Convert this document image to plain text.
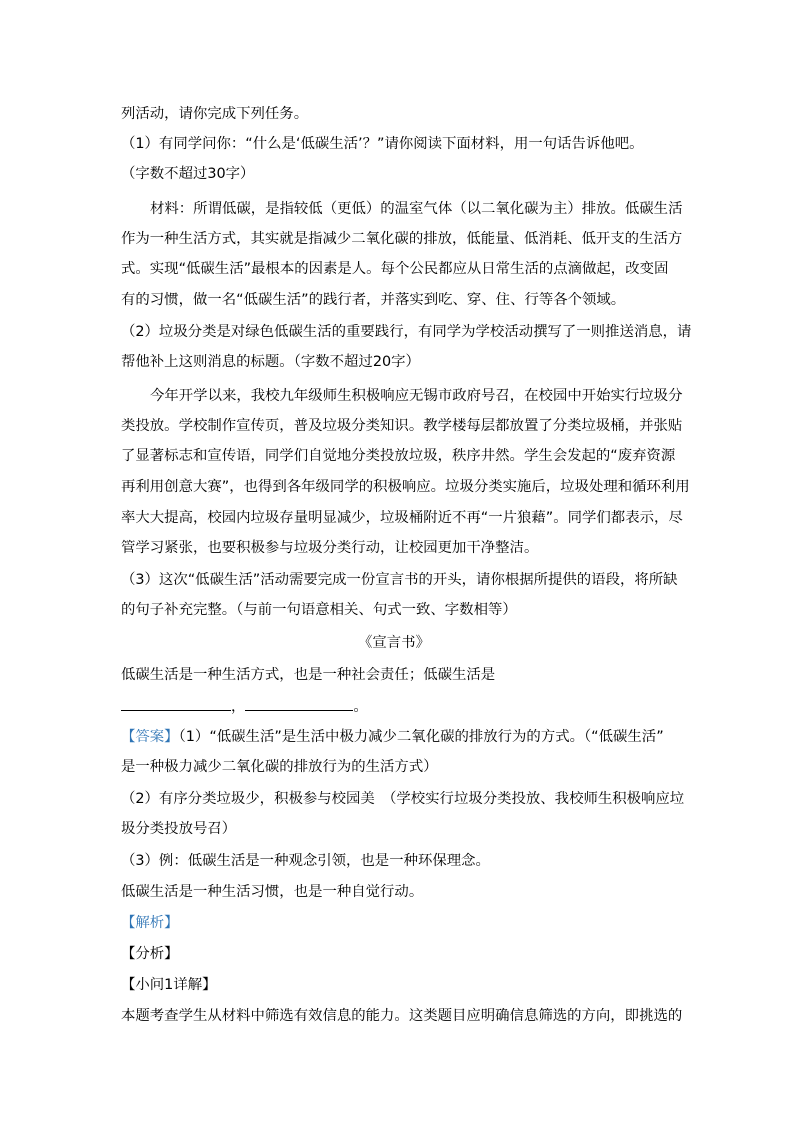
列活动，请你完成下列任务。
（1）有同学问你：“什么是‘低碳生活’？”请你阅读下面材料，用一句话告诉他吧。
（字数不超过30字）
材料：所谓低碳，是指较低（更低）的温室气体（以二氧化碳为主）排放。低碳生活
作为一种生活方式，其实就是指减少二氧化碳的排放，低能量、低消耗、低开支的生活方
式。实现“低碳生活”最根本的因素是人。每个公民都应从日常生活的点滴做起，改变固
有的习惯，做一名“低碳生活”的践行者，并落实到吃、穿、住、行等各个领域。
（2）垃圾分类是对绿色低碳生活的重要践行，有同学为学校活动撰写了一则推送消息，请
帮他补上这则消息的标题。（字数不超过20字）
今年开学以来，我校九年级师生积极响应无锡市政府号召，在校园中开始实行垃圾分
类投放。学校制作宣传页，普及垃圾分类知识。教学楼每层都放置了分类垃圾桶，并张贴
了显著标志和宣传语，同学们自觉地分类投放垃圾，秩序井然。学生会发起的“废弃资源
再利用创意大赛”，也得到各年级同学的积极响应。垃圾分类实施后，垃圾处理和循环利用
率大大提高，校园内垃圾存量明显减少，垃圾桶附近不再“一片狼藉”。同学们都表示，尽
管学习紧张，也要积极参与垃圾分类行动，让校园更加干净整洁。
（3）这次“低碳生活”活动需要完成一份宣言书的开头，请你根据所提供的语段，将所缺
的句子补充完整。（与前一句语意相关、句式一致、字数相等）
《宣言书》
低碳生活是一种生活方式，也是一种社会责任；低碳生活是
，	。
【答案】（1）“低碳生活”是生活中极力减少二氧化碳的排放行为的方式。（“低碳生活”
是一种极力减少二氧化碳的排放行为的生活方式）
（2）有序分类垃圾少，积极参与校园美　（学校实行垃圾分类投放、我校师生积极响应垃
圾分类投放号召）
（3）例：低碳生活是一种观念引领，也是一种环保理念。
低碳生活是一种生活习惯，也是一种自觉行动。
【解析】
【分析】
【小问1详解】
本题考查学生从材料中筛选有效信息的能力。这类题目应明确信息筛选的方向，即挑选的
